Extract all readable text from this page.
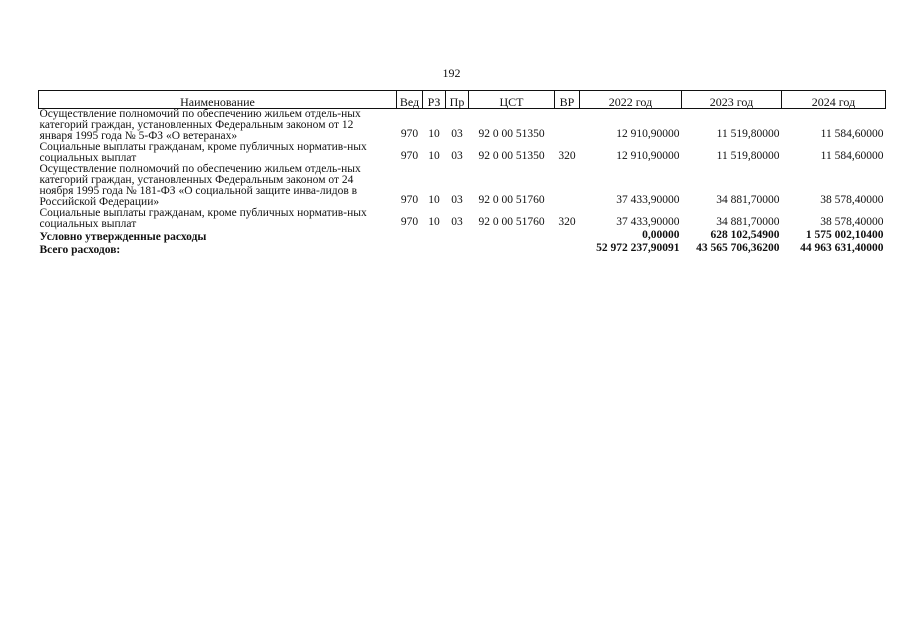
192
Наименование	Вед	РЗ	Пр	ЦСТ	ВР	2022 год	2023 год	2024 год
Осуществление полномочий по обеспечению жильем отдель-ных категорий граждан, установленных Федеральным законом от 12 января 1995 года № 5-ФЗ «О ветеранах»	970	10	03	92 0 00 51350		12 910,90000	11 519,80000	11 584,60000
Социальные выплаты гражданам, кроме публичных норматив-ных социальных выплат	970	10	03	92 0 00 51350	320	12 910,90000	11 519,80000	11 584,60000
Осуществление полномочий по обеспечению жильем отдель-ных категорий граждан, установленных Федеральным законом от 24 ноября 1995 года № 181-ФЗ «О социальной защите инва-лидов в Российской Федерации»	970	10	03	92 0 00 51760		37 433,90000	34 881,70000	38 578,40000
Социальные выплаты гражданам, кроме публичных норматив-ных социальных выплат	970	10	03	92 0 00 51760	320	37 433,90000	34 881,70000	38 578,40000
Условно утвержденные расходы						0,00000	628 102,54900	1 575 002,10400
Всего расходов:						52 972 237,90091	43 565 706,36200	44 963 631,40000
